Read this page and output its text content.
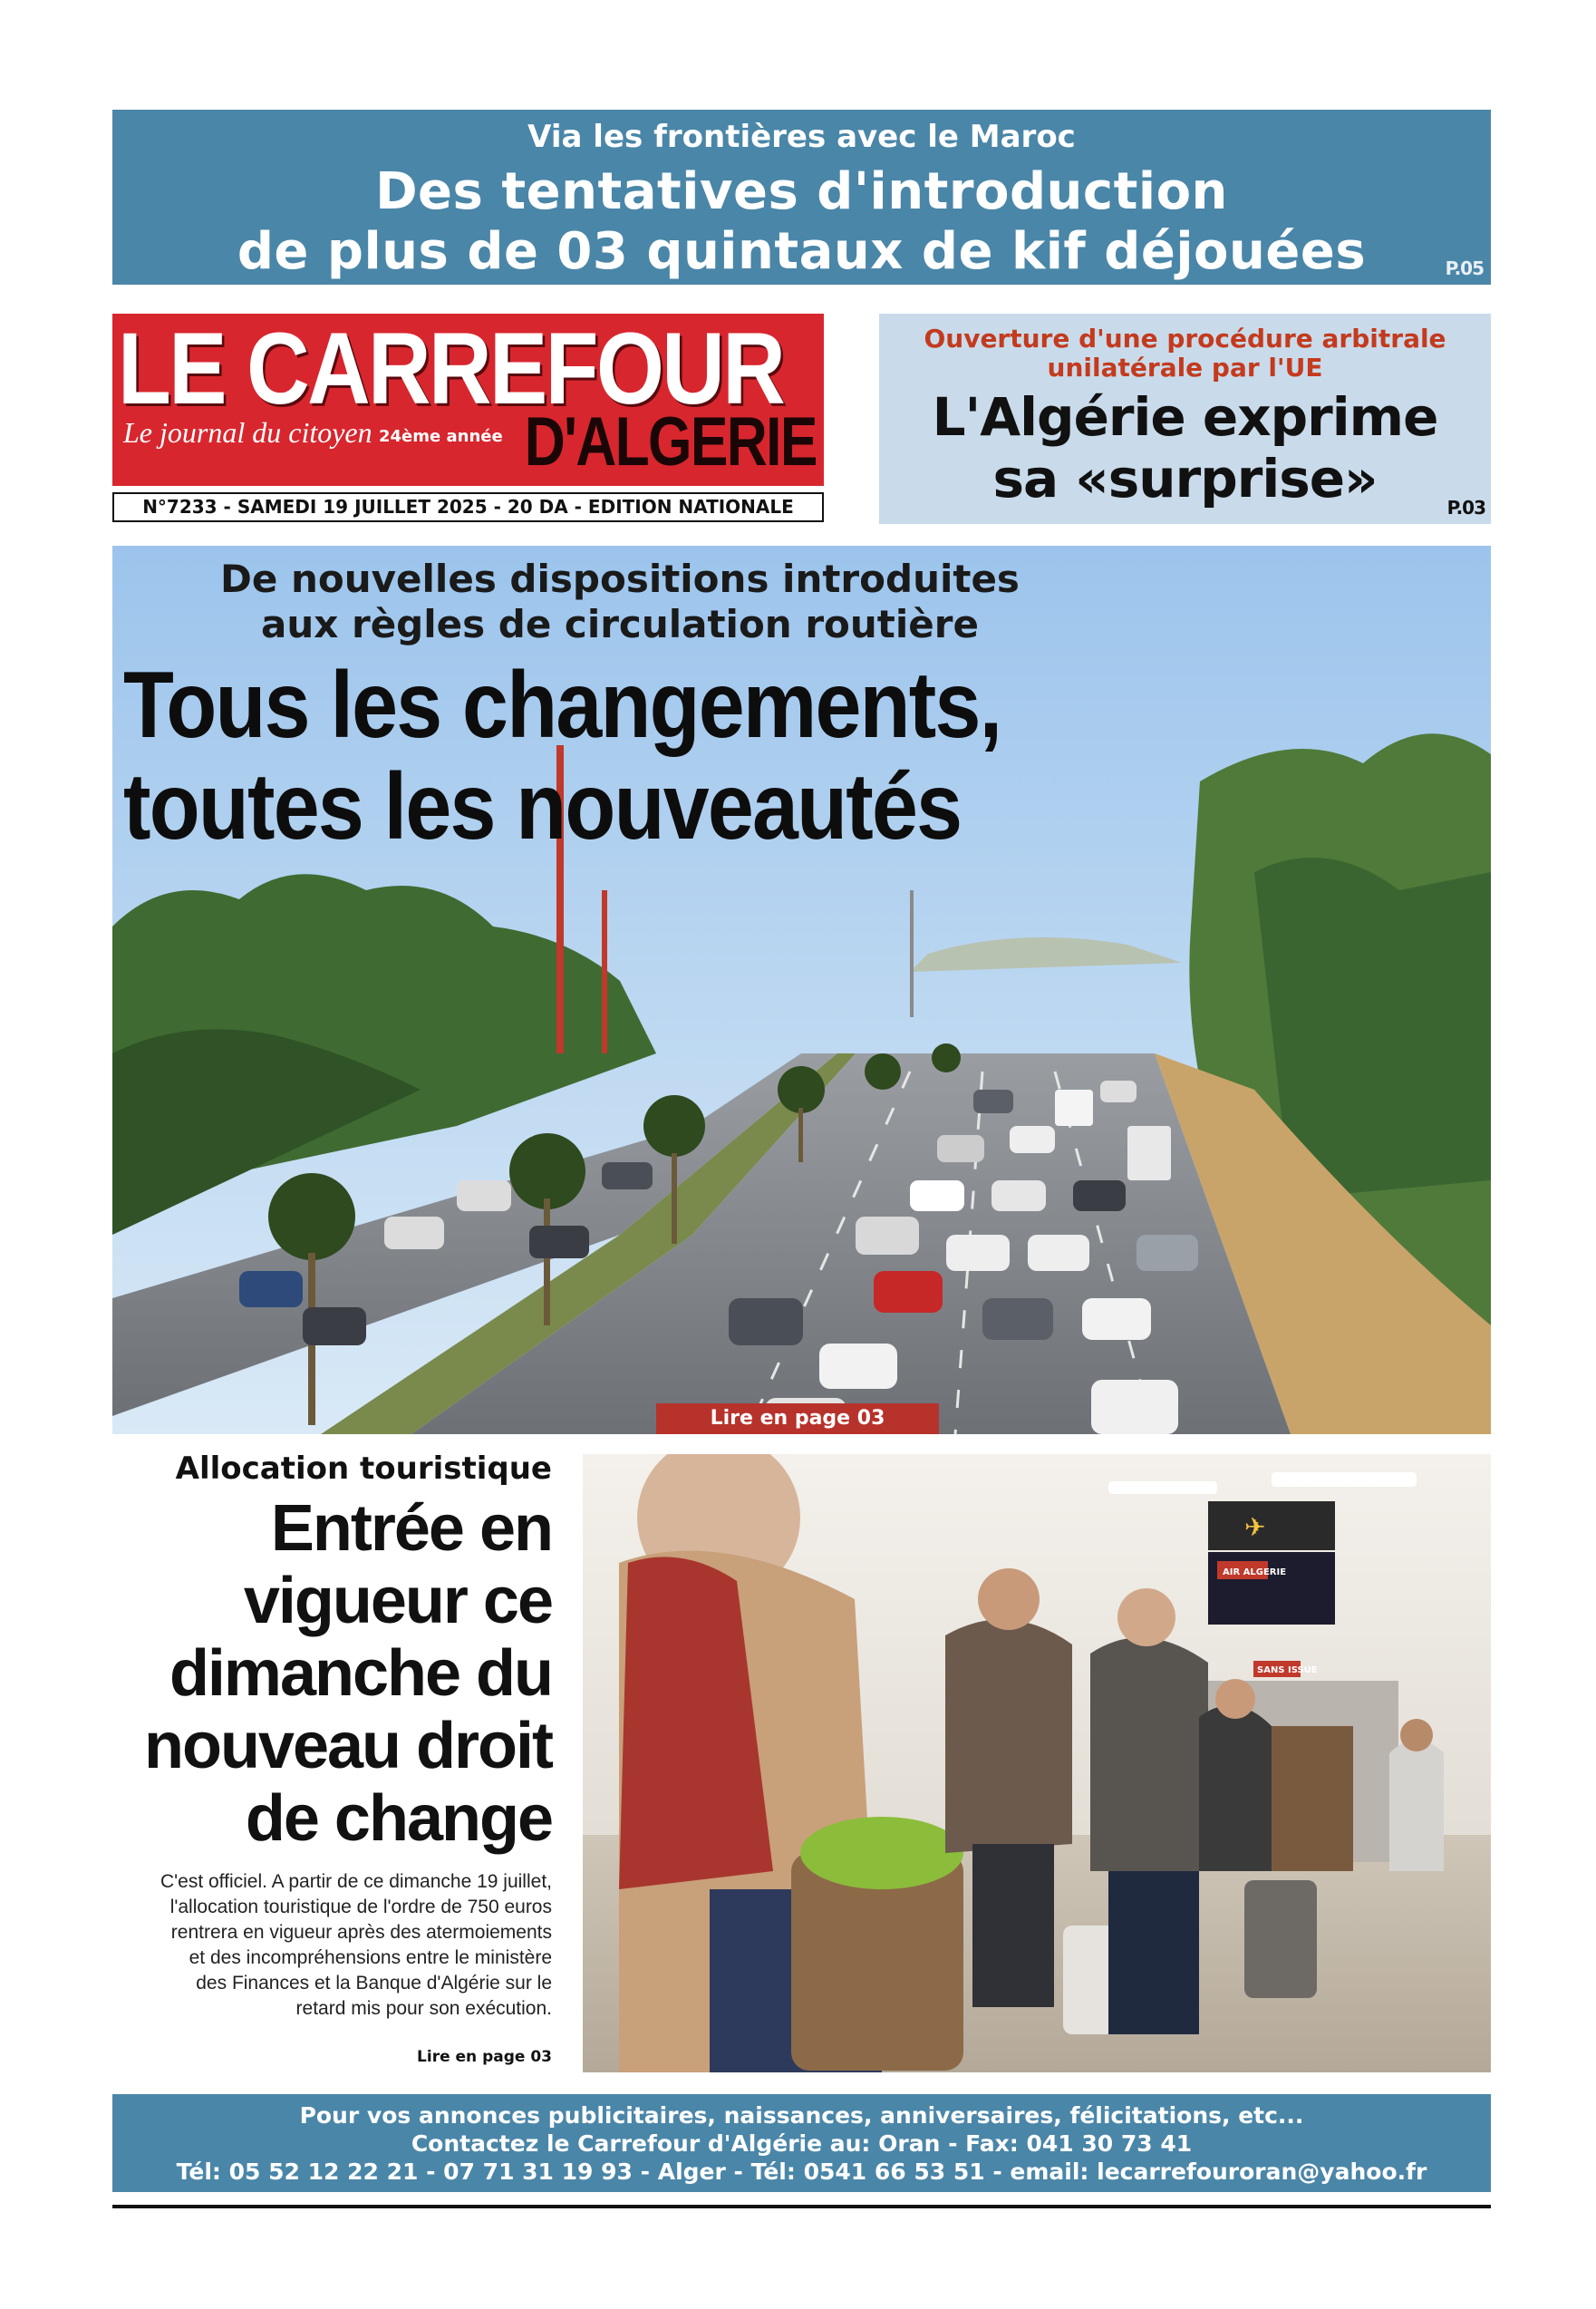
Via les frontières avec le Maroc
Des tentatives d'introduction
de plus de 03 quintaux de kif déjouées	P.05
LE CARREFOUR
Le journal du citoyen 24ème année D'ALGERIE
N°7233 - SAMEDI 19 JUILLET 2025 - 20 DA - EDITION NATIONALE
Ouverture d'une procédure arbitrale
unilatérale par l'UE
L'Algérie exprime
sa «surprise»	P.03
De nouvelles dispositions introduites
aux règles de circulation routière
Tous les changements,
toutes les nouveautés
Lire en page 03
Allocation touristique
Entrée en
vigueur ce
dimanche du
nouveau droit
de change
C'est officiel. A partir de ce dimanche 19 juillet,
l'allocation touristique de l'ordre de 750 euros
rentrera en vigueur après des atermoiements
et des incompréhensions entre le ministère
des Finances et la Banque d'Algérie sur le
retard mis pour son exécution.
Lire en page 03
✈
AIR ALGERIE
SANS ISSUE
Pour vos annonces publicitaires, naissances, anniversaires, félicitations, etc...
Contactez le Carrefour d'Algérie au: Oran - Fax: 041 30 73 41
Tél: 05 52 12 22 21 - 07 71 31 19 93 - Alger - Tél: 0541 66 53 51 - email: lecarrefouroran@yahoo.fr
